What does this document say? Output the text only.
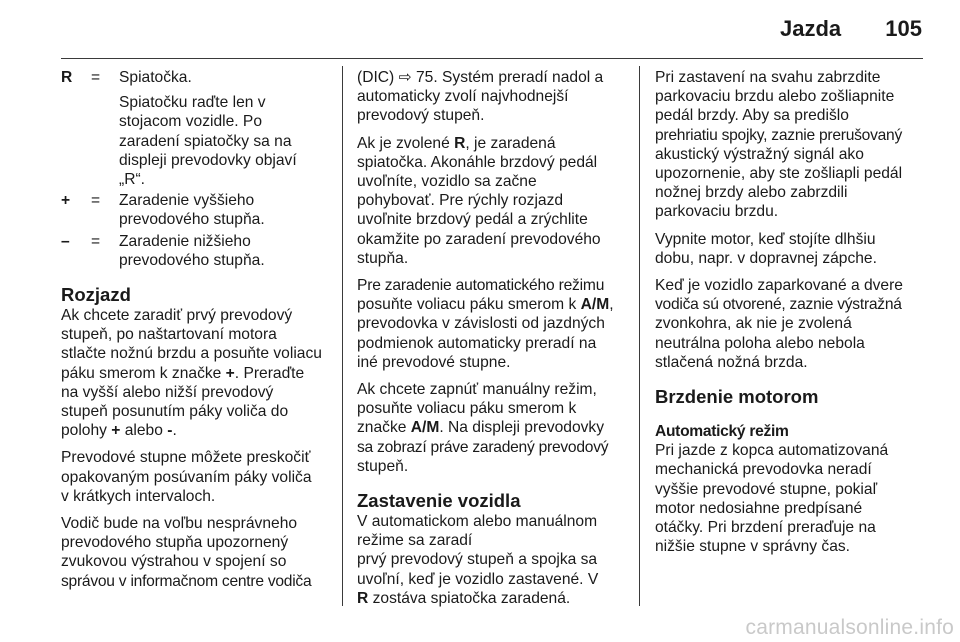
Jazda 105
R	=	Spiatočka.
Spiatočku raďte len v
stojacom vozidle. Po
zaradení spiatočky sa na
displeji prevodovky objaví
„R“.
+	=	Zaradenie vyššieho
prevodového stupňa.
–	=	Zaradenie nižšieho
prevodového stupňa.
Rozjazd

Ak chcete zaradiť prvý prevodový
stupeň, po naštartovaní motora
stlačte nožnú brzdu a posuňte voliacu
páku smerom k značke +. Preraďte
na vyšší alebo nižší prevodový
stupeň posunutím páky voliča do
polohy + alebo -.

Prevodové stupne môžete preskočiť
opakovaným posúvaním páky voliča
v krátkych intervaloch.

Vodič bude na voľbu nesprávneho
prevodového stupňa upozornený
zvukovou výstrahou v spojení so
správou v informačnom centre vodiča

(DIC) ⇨ 75. Systém preradí nadol a
automaticky zvolí najvhodnejší
prevodový stupeň.

Ak je zvolené R, je zaradená
spiatočka. Akonáhle brzdový pedál
uvoľníte, vozidlo sa začne
pohybovať. Pre rýchly rozjazd
uvoľnite brzdový pedál a zrýchlite
okamžite po zaradení prevodového
stupňa.

Pre zaradenie automatického režimu
posuňte voliacu páku smerom k A/M,
prevodovka v závislosti od jazdných
podmienok automaticky preradí na
iné prevodové stupne.

Ak chcete zapnúť manuálny režim,
posuňte voliacu páku smerom k
značke A/M. Na displeji prevodovky
sa zobrazí práve zaradený prevodový
stupeň.

Zastavenie vozidla

V automatickom alebo manuálnom
režime sa zaradí
prvý prevodový stupeň a spojka sa
uvoľní, keď je vozidlo zastavené. V
R zostáva spiatočka zaradená.

Pri zastavení na svahu zabrzdite
parkovaciu brzdu alebo zošliapnite
pedál brzdy. Aby sa predišlo
prehriatiu spojky, zaznie prerušovaný
akustický výstražný signál ako
upozornenie, aby ste zošliapli pedál
nožnej brzdy alebo zabrzdili
parkovaciu brzdu.

Vypnite motor, keď stojíte dlhšiu
dobu, napr. v dopravnej zápche.

Keď je vozidlo zaparkované a dvere
vodiča sú otvorené, zaznie výstražná
zvonkohra, ak nie je zvolená
neutrálna poloha alebo nebola
stlačená nožná brzda.

Brzdenie motorom
Automatický režim

Pri jazde z kopca automatizovaná
mechanická prevodovka neradí
vyššie prevodové stupne, pokiaľ
motor nedosiahne predpísané
otáčky. Pri brzdení preraďuje na
nižšie stupne v správny čas.

carmanualsonline.info
